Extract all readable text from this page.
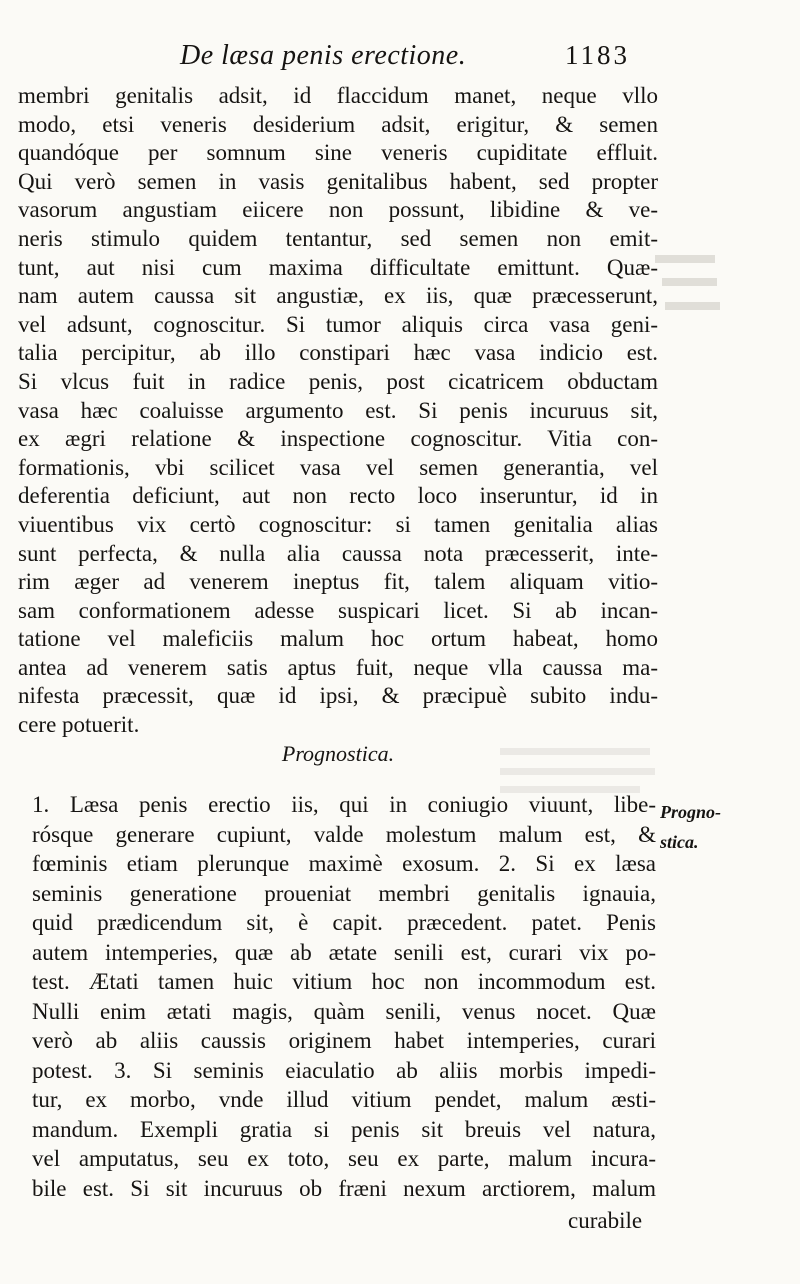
De læsa penis erectione.	1183
membri genitalis adsit, id flaccidum manet, neque vllo
modo, etsi veneris desiderium adsit, erigitur, & semen
quandóque per somnum sine veneris cupiditate effluit.
Qui verò semen in vasis genitalibus habent, sed propter
vasorum angustiam eiicere non possunt, libidine & ve-
neris stimulo quidem tentantur, sed semen non emit-
tunt, aut nisi cum maxima difficultate emittunt. Quæ-
nam autem caussa sit angustiæ, ex iis, quæ præcesserunt,
vel adsunt, cognoscitur. Si tumor aliquis circa vasa geni-
talia percipitur, ab illo constipari hæc vasa indicio est.
Si vlcus fuit in radice penis, post cicatricem obductam
vasa hæc coaluisse argumento est. Si penis incuruus sit,
ex ægri relatione & inspectione cognoscitur. Vitia con-
formationis, vbi scilicet vasa vel semen generantia, vel
deferentia deficiunt, aut non recto loco inseruntur, id in
viuentibus vix certò cognoscitur: si tamen genitalia alias
sunt perfecta, & nulla alia caussa nota præcesserit, inte-
rim æger ad venerem ineptus fit, talem aliquam vitio-
sam conformationem adesse suspicari licet. Si ab incan-
tatione vel maleficiis malum hoc ortum habeat, homo
antea ad venerem satis aptus fuit, neque vlla caussa ma-
nifesta præcessit, quæ id ipsi, & præcipuè subito indu-
cere potuerit.
Prognostica.
1. Læsa penis erectio iis, qui in coniugio viuunt, libe-
rósque generare cupiunt, valde molestum malum est, &
fœminis etiam plerunque maximè exosum. 2. Si ex læsa
seminis generatione proueniat membri genitalis ignauia,
quid prædicendum sit, è capit. præcedent. patet. Penis
autem intemperies, quæ ab ætate senili est, curari vix po-
test. Ætati tamen huic vitium hoc non incommodum est.
Nulli enim ætati magis, quàm senili, venus nocet. Quæ
verò ab aliis caussis originem habet intemperies, curari
potest. 3. Si seminis eiaculatio ab aliis morbis impedi-
tur, ex morbo, vnde illud vitium pendet, malum æsti-
mandum. Exempli gratia si penis sit breuis vel natura,
vel amputatus, seu ex toto, seu ex parte, malum incura-
bile est. Si sit incuruus ob fræni nexum arctiorem, malum
Progno-
stica.
curabile
